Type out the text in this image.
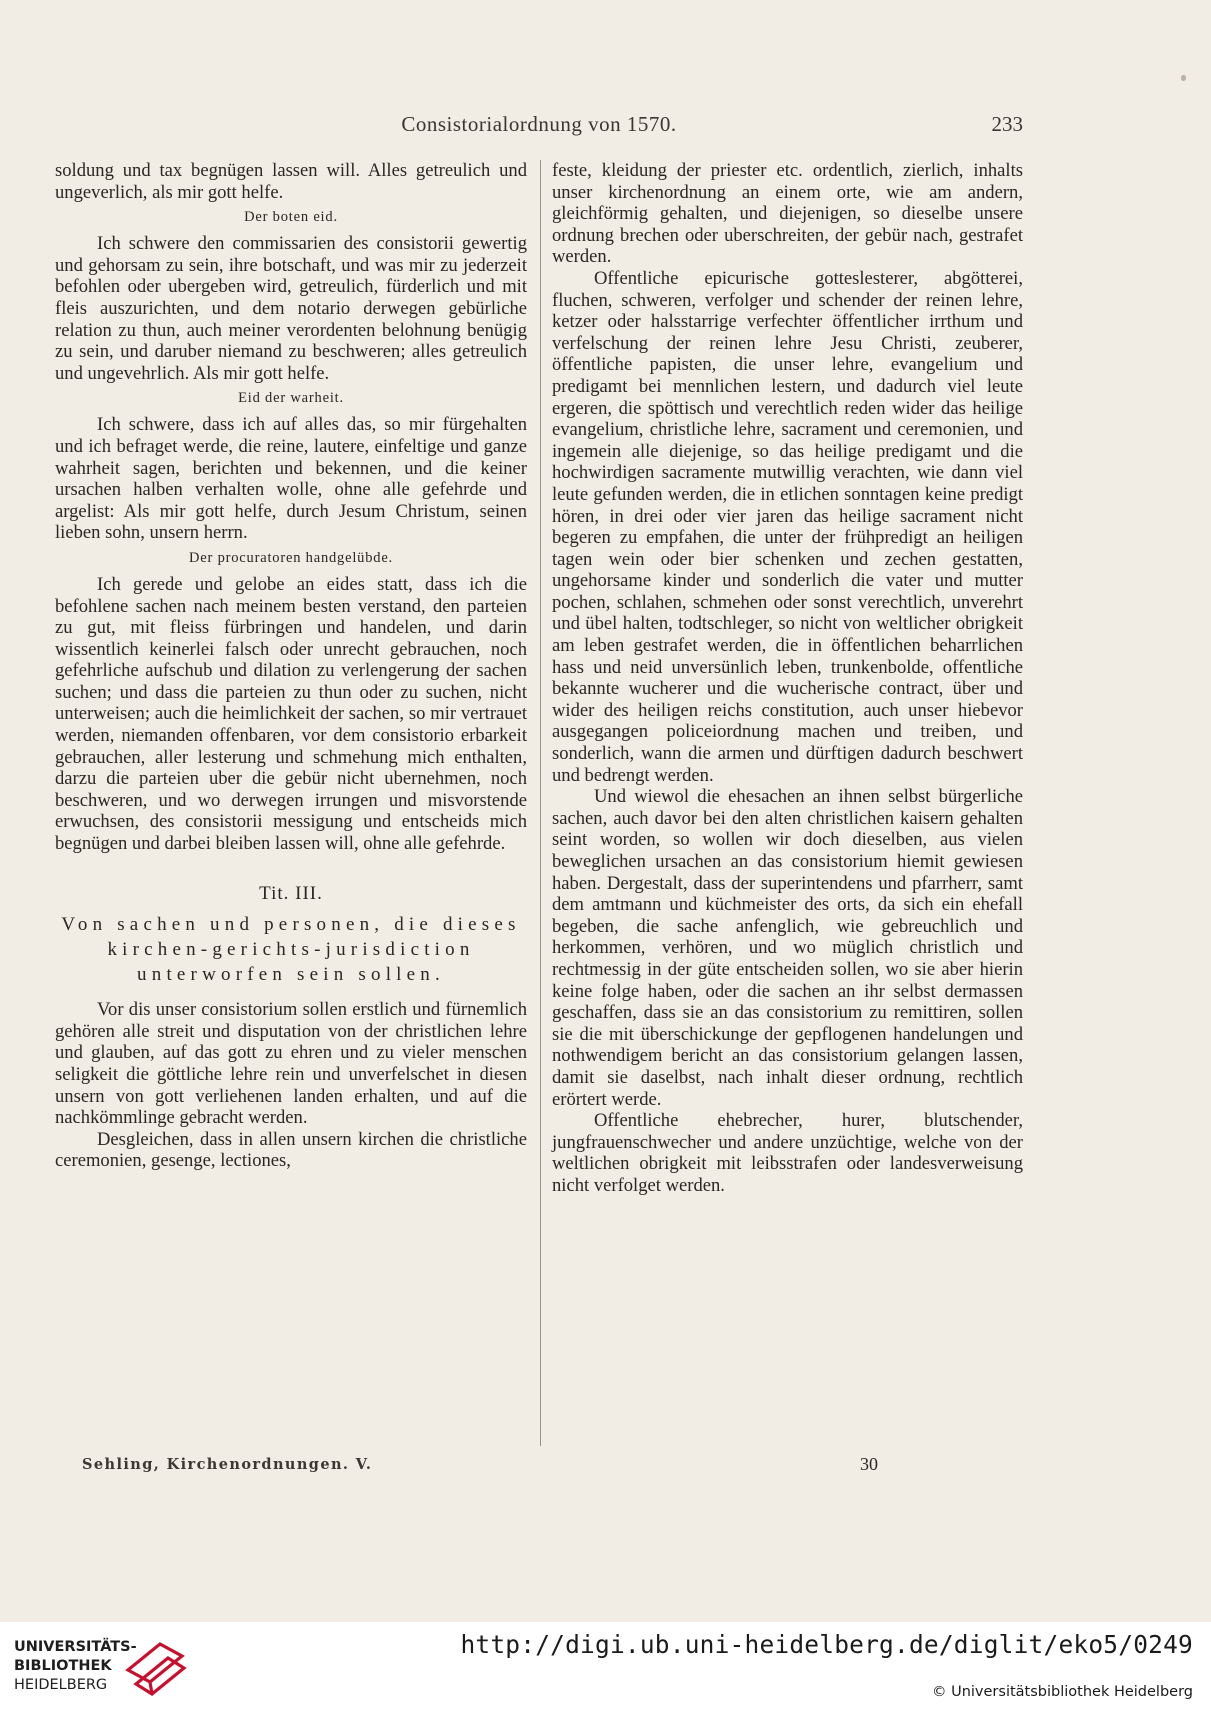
Consistorialordnung von 1570.	233

soldung und tax begnügen lassen will. Alles getreulich und ungeverlich, als mir gott helfe.

Der boten eid.

Ich schwere den commissarien des consistorii gewertig und gehorsam zu sein, ihre botschaft, und was mir zu jederzeit befohlen oder ubergeben wird, getreulich, fürderlich und mit fleis auszurichten, und dem notario derwegen gebürliche relation zu thun, auch meiner verordenten belohnung benügig zu sein, und daruber niemand zu beschweren; alles getreulich und ungevehrlich. Als mir gott helfe.

Eid der warheit.

Ich schwere, dass ich auf alles das, so mir fürgehalten und ich befraget werde, die reine, lautere, einfeltige und ganze wahrheit sagen, berichten und bekennen, und die keiner ursachen halben verhalten wolle, ohne alle gefehrde und argelist: Als mir gott helfe, durch Jesum Christum, seinen lieben sohn, unsern herrn.

Der procuratoren handgelübde.

Ich gerede und gelobe an eides statt, dass ich die befohlene sachen nach meinem besten verstand, den parteien zu gut, mit fleiss fürbringen und handelen, und darin wissentlich keinerlei falsch oder unrecht gebrauchen, noch gefehrliche aufschub und dilation zu verlengerung der sachen suchen; und dass die parteien zu thun oder zu suchen, nicht unterweisen; auch die heimlichkeit der sachen, so mir vertrauet werden, niemanden offenbaren, vor dem consistorio erbarkeit gebrauchen, aller lesterung und schmehung mich enthalten, darzu die parteien uber die gebür nicht ubernehmen, noch beschweren, und wo derwegen irrungen und misvorstende erwuchsen, des consistorii messigung und entscheids mich begnügen und darbei bleiben lassen will, ohne alle gefehrde.

Tit. III.
Von sachen und personen, die dieses kirchen-gerichts-jurisdiction unterworfen sein sollen.

Vor dis unser consistorium sollen erstlich und fürnemlich gehören alle streit und disputation von der christlichen lehre und glauben, auf das gott zu ehren und zu vieler menschen seligkeit die göttliche lehre rein und unverfelschet in diesen unsern von gott verliehenen landen erhalten, und auf die nachkömmlinge gebracht werden.

Desgleichen, dass in allen unsern kirchen die christliche ceremonien, gesenge, lectiones,

feste, kleidung der priester etc. ordentlich, zierlich, inhalts unser kirchenordnung an einem orte, wie am andern, gleichförmig gehalten, und diejenigen, so dieselbe unsere ordnung brechen oder uberschreiten, der gebür nach, gestrafet werden.

Offentliche epicurische gotteslesterer, abgötterei, fluchen, schweren, verfolger und schender der reinen lehre, ketzer oder halsstarrige verfechter öffentlicher irrthum und verfelschung der reinen lehre Jesu Christi, zeuberer, öffentliche papisten, die unser lehre, evangelium und predigamt bei mennlichen lestern, und dadurch viel leute ergeren, die spöttisch und verechtlich reden wider das heilige evangelium, christliche lehre, sacrament und ceremonien, und ingemein alle diejenige, so das heilige predigamt und die hochwirdigen sacramente mutwillig verachten, wie dann viel leute gefunden werden, die in etlichen sonntagen keine predigt hören, in drei oder vier jaren das heilige sacrament nicht begeren zu empfahen, die unter der frühpredigt an heiligen tagen wein oder bier schenken und zechen gestatten, ungehorsame kinder und sonderlich die vater und mutter pochen, schlahen, schmehen oder sonst verechtlich, unverehrt und übel halten, todtschleger, so nicht von weltlicher obrigkeit am leben gestrafet werden, die in öffentlichen beharrlichen hass und neid unversünlich leben, trunkenbolde, offentliche bekannte wucherer und die wucherische contract, über und wider des heiligen reichs constitution, auch unser hiebevor ausgegangen policeiordnung machen und treiben, und sonderlich, wann die armen und dürftigen dadurch beschwert und bedrengt werden.

Und wiewol die ehesachen an ihnen selbst bürgerliche sachen, auch davor bei den alten christlichen kaisern gehalten seint worden, so wollen wir doch dieselben, aus vielen beweglichen ursachen an das consistorium hiemit gewiesen haben. Dergestalt, dass der superintendens und pfarrherr, samt dem amtmann und küchmeister des orts, da sich ein ehefall begeben, die sache anfenglich, wie gebreuchlich und herkommen, verhören, und wo müglich christlich und rechtmessig in der güte entscheiden sollen, wo sie aber hierin keine folge haben, oder die sachen an ihr selbst dermassen geschaffen, dass sie an das consistorium zu remittiren, sollen sie die mit überschickunge der gepflogenen handelungen und nothwendigem bericht an das consistorium gelangen lassen, damit sie daselbst, nach inhalt dieser ordnung, rechtlich erörtert werde.

Offentliche ehebrecher, hurer, blutschender, jungfrauenschwecher und andere unzüchtige, welche von der weltlichen obrigkeit mit leibsstrafen oder landesverweisung nicht verfolget werden.

Sehling, Kirchenordnungen. V.	30
UNIVERSITÄTS-
BIBLIOTHEK
HEIDELBERG
http://digi.ub.uni-heidelberg.de/diglit/eko5/0249
© Universitätsbibliothek Heidelberg
